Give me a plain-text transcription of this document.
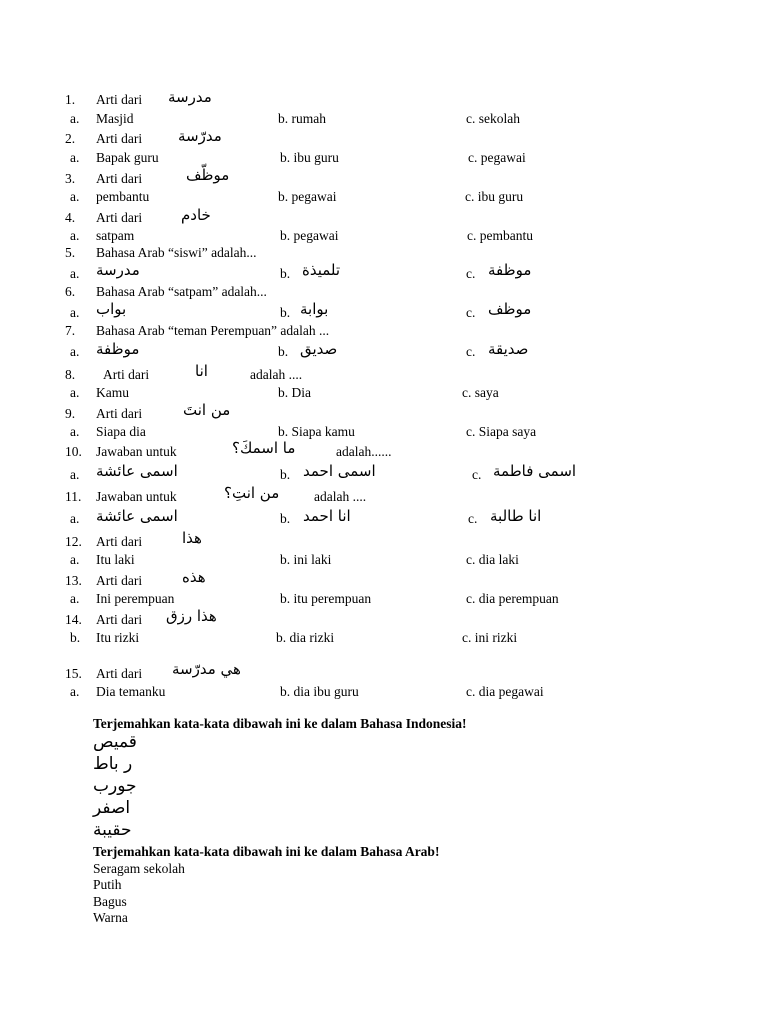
1. Arti dari مدرسة
a. Masjid	b. rumah	c. sekolah
2. Arti dari مدرّسة
a. Bapak guru	b. ibu guru	c. pegawai
3. Arti dari	موظّف
a. pembantu	b. pegawai	c. ibu guru
4. Arti dari	خادم
a. satpam	b. pegawai	c. pembantu
5. Bahasa Arab “siswi” adalah...
a. مدرسة	b. تلميذة	c. موظفة
6. Bahasa Arab “satpam” adalah...
a. بواب	b. بوابة	c. موظف
7. Bahasa Arab “teman Perempuan” adalah ...
a. موظفة	b. صديق	c. صديقة
8. Arti dari	انا	adalah ....
a. Kamu	b. Dia	c. saya
9. Arti dari	من انتَ
a. Siapa dia	b. Siapa kamu	c. Siapa saya
10. Jawaban untuk	ما اسمكَ؟	adalah......
a. اسمى عائشة	b. اسمى احمد	c. اسمى فاطمة
11. Jawaban untuk	من انتِ؟	adalah ....
a. اسمى عائشة	b. انا احمد	c. انا طالبة
12. Arti dari	هذا
a. Itu laki	b. ini laki	c. dia laki
13. Arti dari	هذه
a. Ini perempuan	b. itu perempuan	c. dia perempuan
14. Arti dari هذا رزق
b. Itu rizki	b. dia rizki	c. ini rizki
15. Arti dari هي مدرّسة
a. Dia temanku	b. dia ibu guru	c. dia pegawai
Terjemahkan kata-kata dibawah ini ke dalam Bahasa Indonesia!
قميص
ر باط
جورب
اصفر
حقيبة
Terjemahkan kata-kata dibawah ini ke dalam Bahasa Arab!
Seragam sekolah
Putih
Bagus
Warna
